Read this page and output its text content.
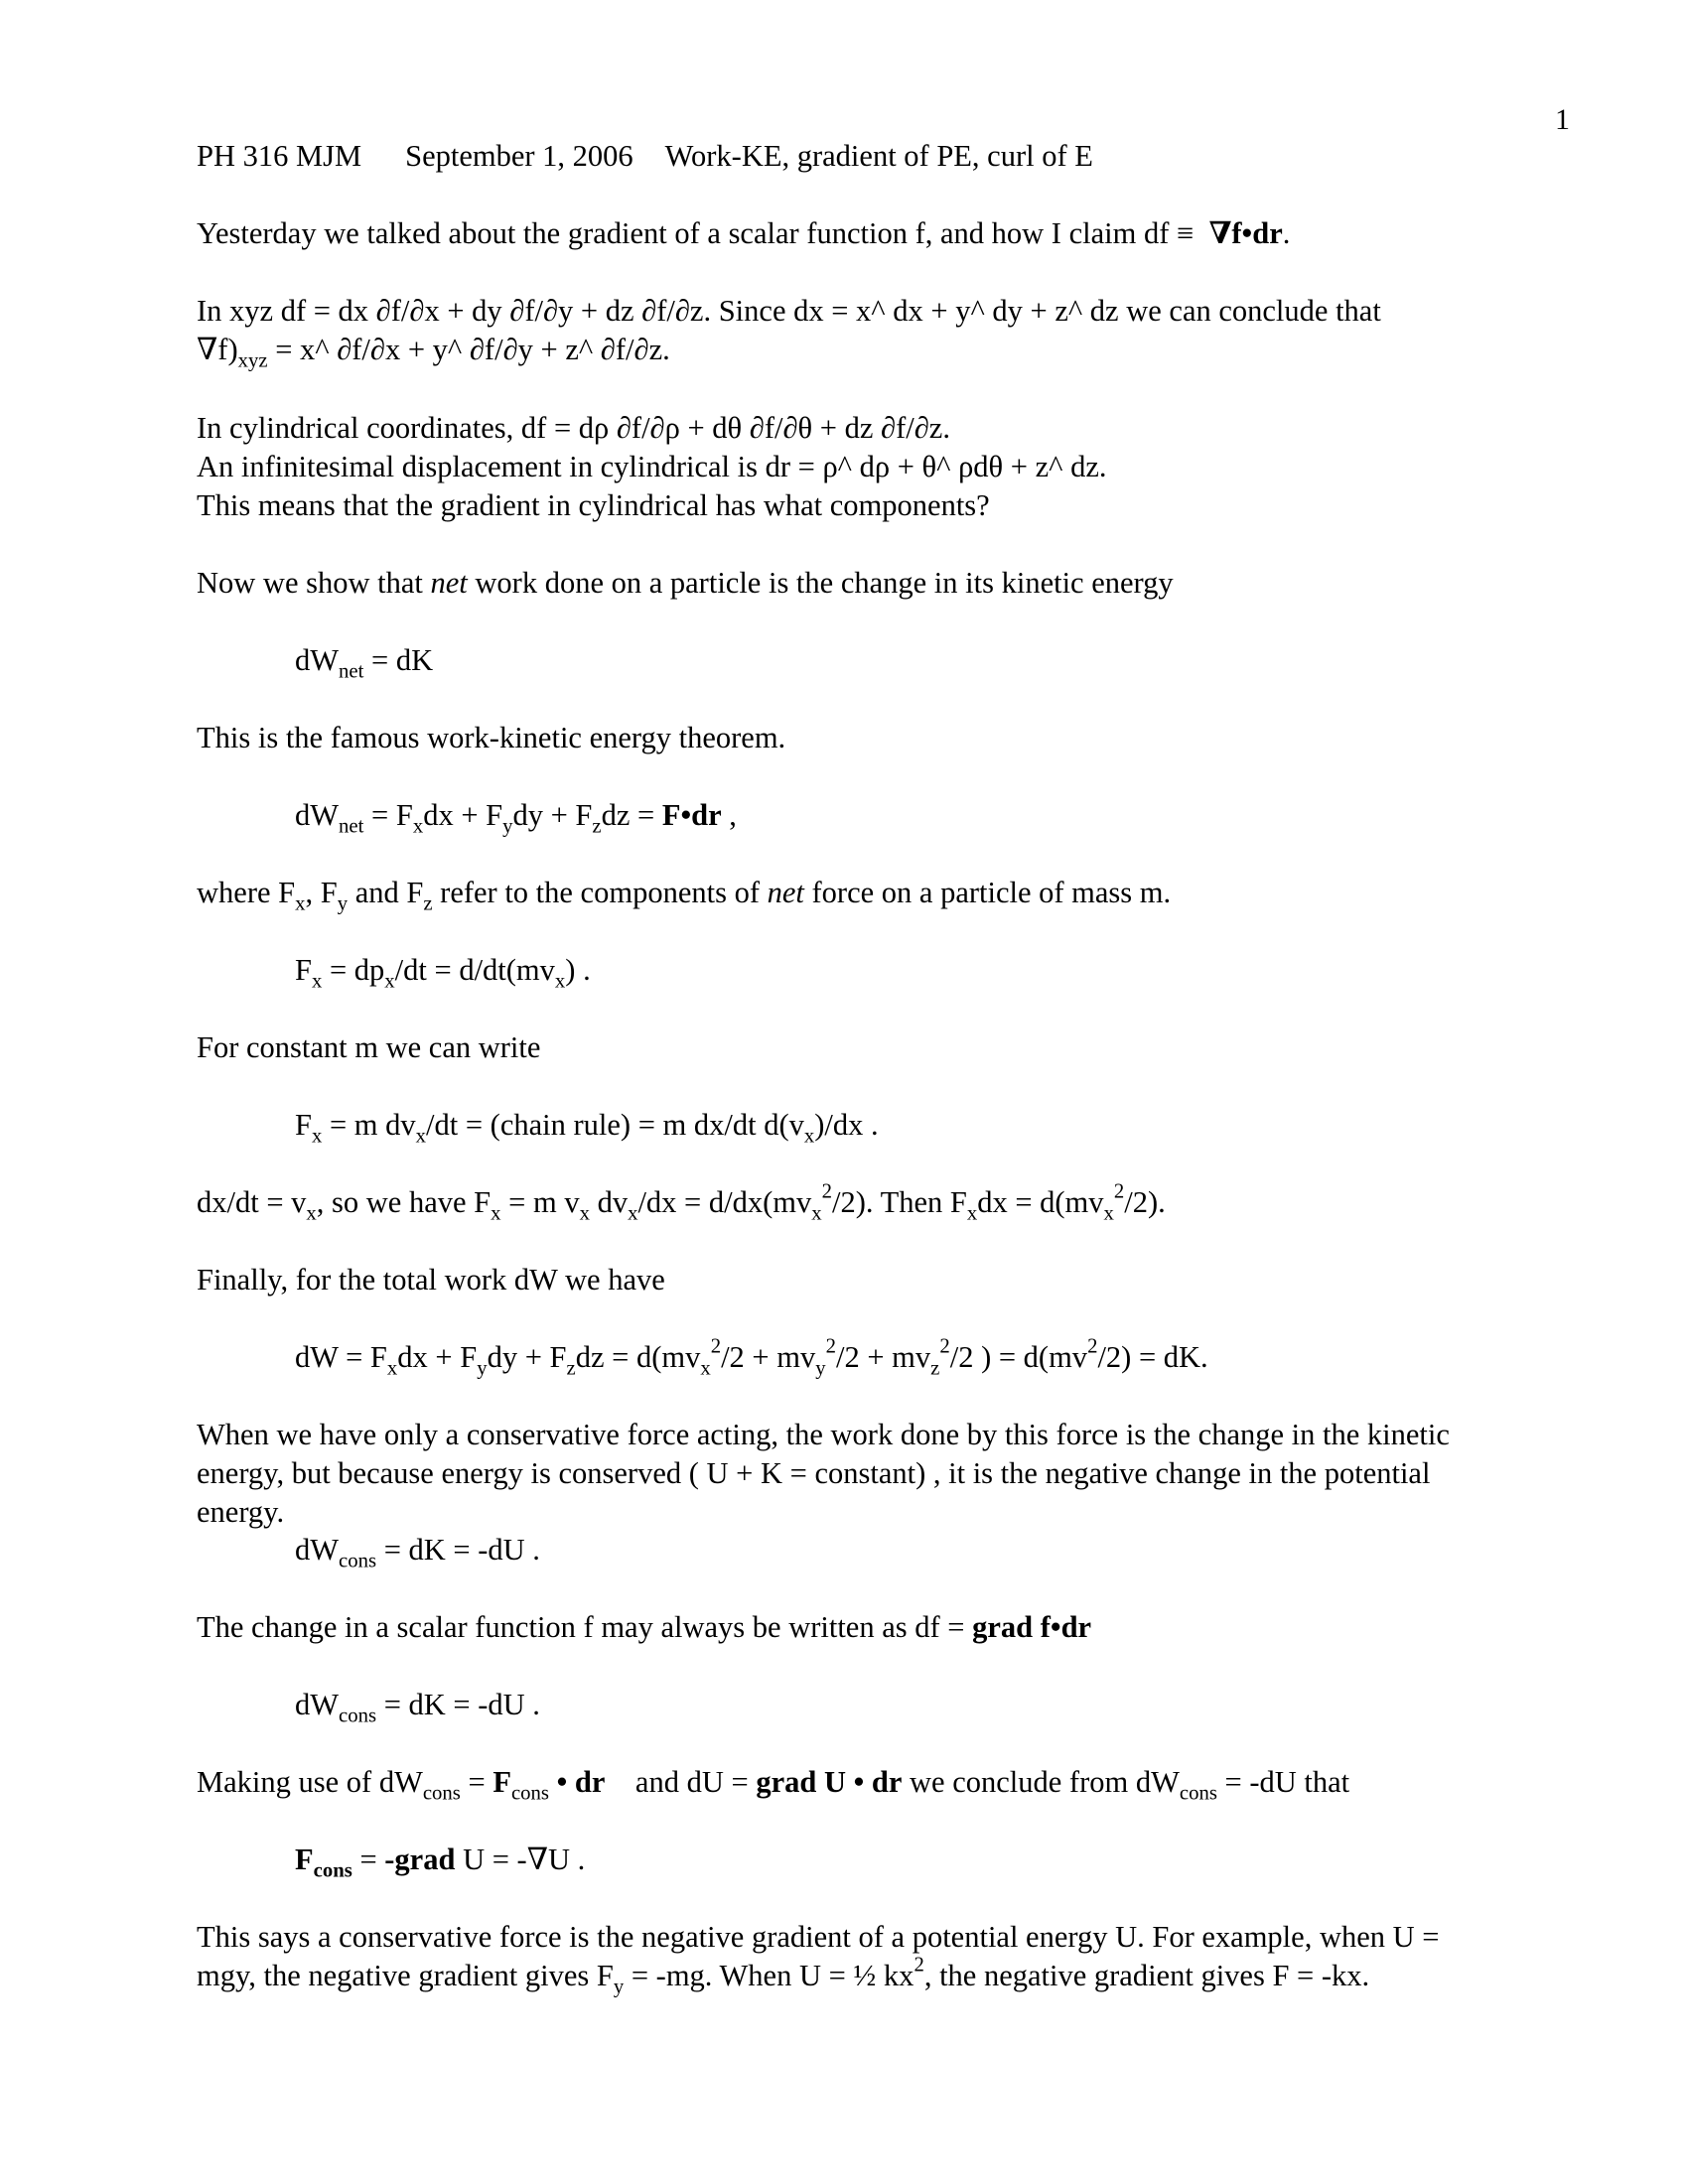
1
PH 316 MJM September 1, 2006 Work-KE, gradient of PE, curl of E
Yesterday we talked about the gradient of a scalar function f, and how I claim df ≡ ∇f•dr.
In xyz df = dx ∂f/∂x + dy ∂f/∂y + dz ∂f/∂z. Since dx = x^ dx + y^ dy + z^ dz we can conclude that
$\nabla f)_{xyz}$ = x^ ∂f/∂x + y^ ∂f/∂y + z^ ∂f/∂z.
In cylindrical coordinates, df = dρ ∂f/∂ρ + dθ ∂f/∂θ + dz ∂f/∂z.
An infinitesimal displacement in cylindrical is dr = ρ^ dρ + θ^ ρdθ + z^ dz.
This means that the gradient in cylindrical has what components?
Now we show that net work done on a particle is the change in its kinetic energy
$dW_{net}$ = dK
This is the famous work-kinetic energy theorem.
$dW_{net} = F_xdx + F_ydy + F_zdz$ = F•dr ,
where $F_x$, $F_y$ and $F_z$ refer to the components of net force on a particle of mass m.
$F_x = dp_x/dt = d/dt(mv_x)$ .
For constant m we can write
$F_x = m$ $dv_x/dt$ = (chain rule) = m dx/dt $d(v_x)/dx$ .
$dx/dt = v_x$, so we have $F_x = m$ $v_x$ $dv_x/dx = d/dx(mv_x^2/2)$. Then $F_xdx = d(mv_x^2/2)$.
Finally, for the total work dW we have
dW = $F_xdx + F_ydy + F_zdz = d(mv_x^2/2 + mv_y^2/2 + mv_z^2/2$ ) = $d(mv^2/2)$ = dK.
When we have only a conservative force acting, the work done by this force is the change in the kinetic
energy, but because energy is conserved ( U + K = constant) , it is the negative change in the potential
energy.
$dW_{cons}$ = dK = -dU .
The change in a scalar function f may always be written as df = grad f•dr
$dW_{cons}$ = dK = -dU .
Making use of $dW_{cons} = F_{cons}$ • dr    and dU = grad U • dr we conclude from $dW_{cons} = -dU$ that
$F_{cons}$ = -grad U = -∇U .
This says a conservative force is the negative gradient of a potential energy U. For example, when U =
mgy, the negative gradient gives $F_y = -mg$. When U = ½ $kx^2$, the negative gradient gives F = -kx.
